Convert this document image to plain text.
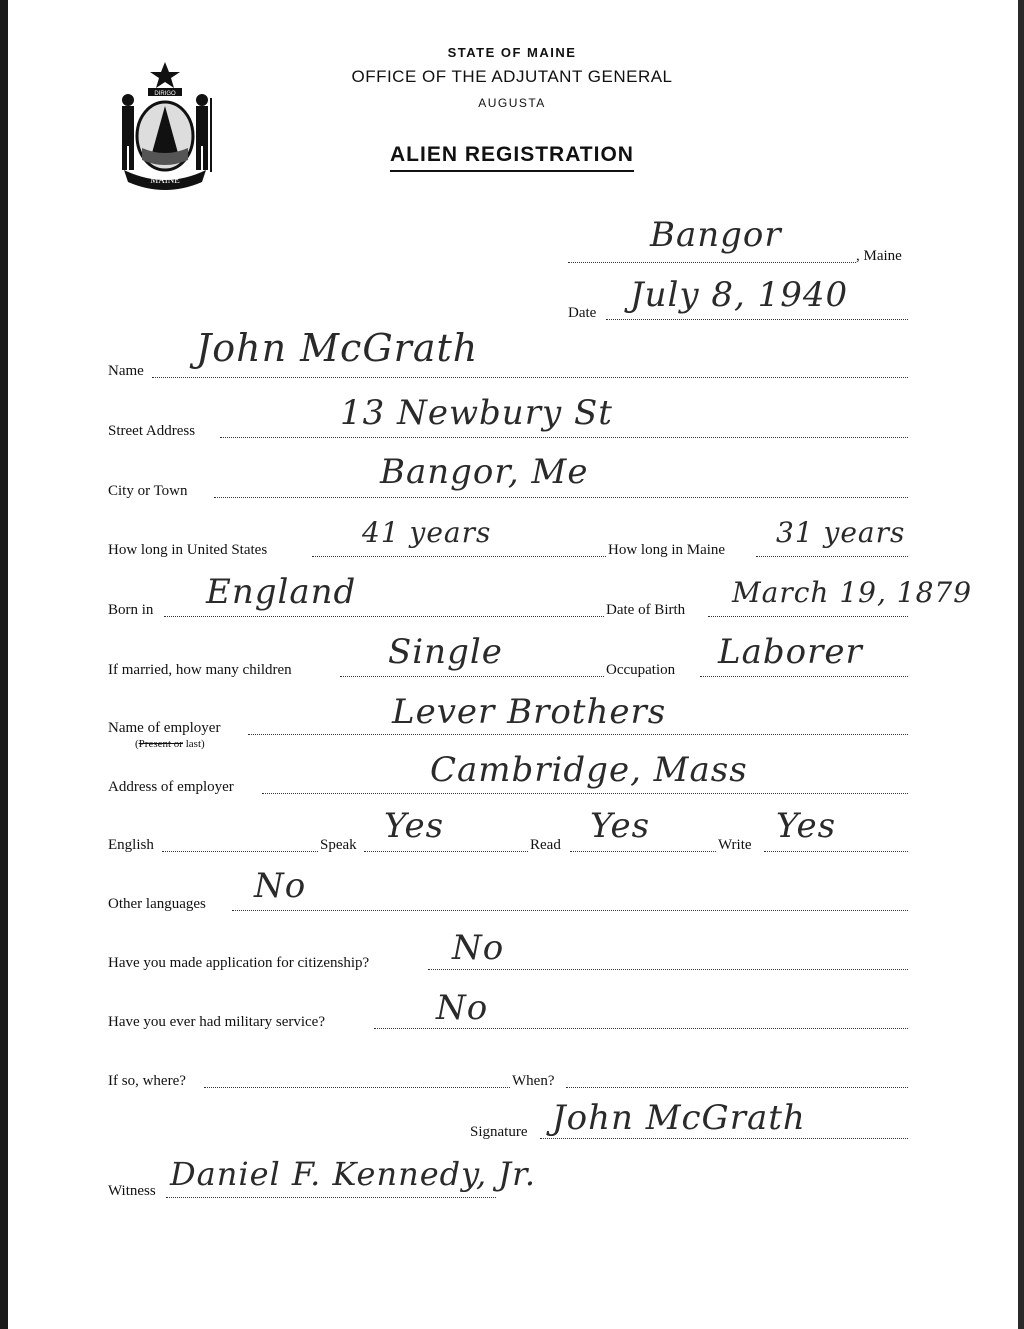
MAINE
DIRIGO
STATE OF MAINE
OFFICE OF THE ADJUTANT GENERAL
AUGUSTA
ALIEN REGISTRATION
Bangor
, Maine
Date July 8, 1940
Name
John McGrath
Street Address	13 Newbury St
City or Town	Bangor, Me
How long in United States
41 years
How long in Maine
31 years
Born in England	Date of Birth
March 19, 1879
If married, how many children	Single	Occupation Laborer
Name of employer
(Present or last)
Lever Brothers
Address of employer	Cambridge, Mass
English	Speak Yes	Read Yes	Write Yes
Other languages No
Have you made application for citizenship? No
Have you ever had military service?	No
If so, where?	When?
Signature John McGrath
Witness Daniel F. Kennedy, Jr.
